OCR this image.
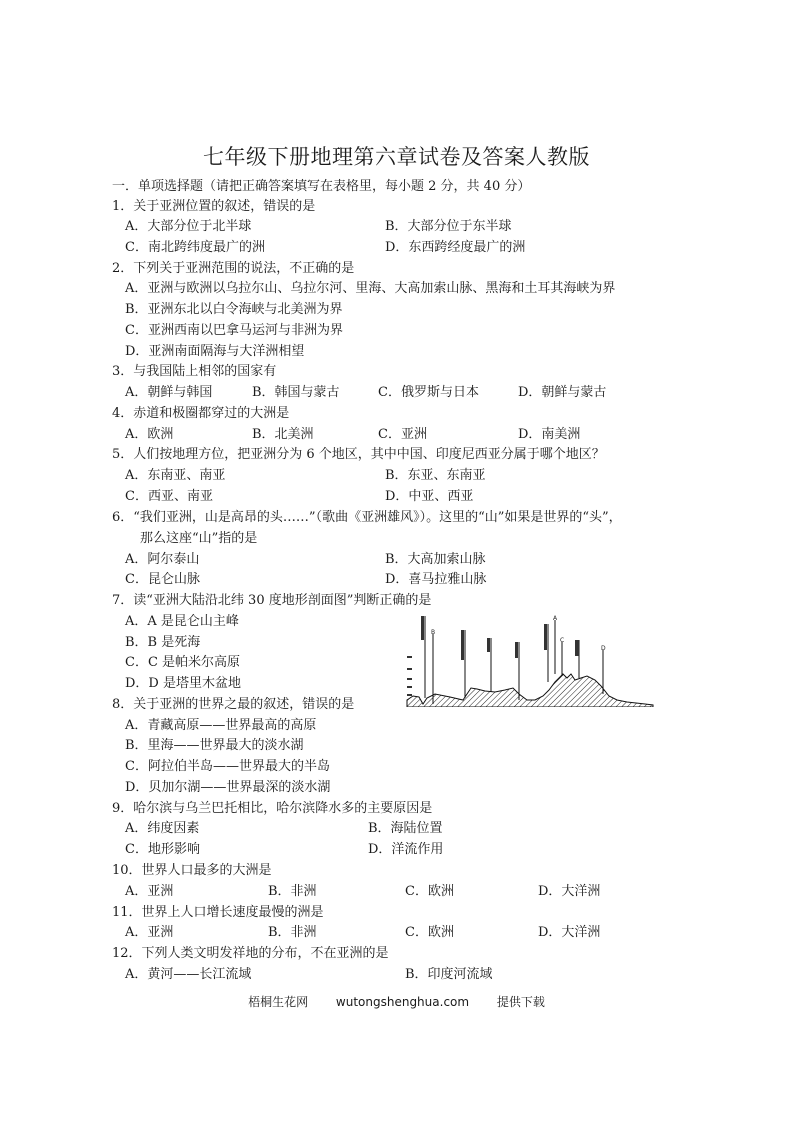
七年级下册地理第六章试卷及答案人教版
一．单项选择题（请把正确答案填写在表格里，每小题 2 分，共 40 分）
1．关于亚洲位置的叙述，错误的是
A．大部分位于北半球	B．大部分位于东半球
C．南北跨纬度最广的洲	D．东西跨经度最广的洲
2．下列关于亚洲范围的说法，不正确的是
A．亚洲与欧洲以乌拉尔山、乌拉尔河、里海、大高加索山脉、黑海和土耳其海峡为界
B．亚洲东北以白令海峡与北美洲为界
C．亚洲西南以巴拿马运河与非洲为界
D．亚洲南面隔海与大洋洲相望
3．与我国陆上相邻的国家有
A．朝鲜与韩国	B．韩国与蒙古	C．俄罗斯与日本	D．朝鲜与蒙古
4．赤道和极圈都穿过的大洲是
A．欧洲	B．北美洲	C．亚洲	D．南美洲
5．人们按地理方位，把亚洲分为 6 个地区，其中中国、印度尼西亚分属于哪个地区？
A．东南亚、南亚	B．东亚、东南亚
C．西亚、南亚	D．中亚、西亚
6．“我们亚洲，山是高昂的头……”（歌曲《亚洲雄风》）。这里的“山”如果是世界的“头”，
那么这座“山”指的是
A．阿尔泰山	B．大高加索山脉
C．昆仑山脉	D．喜马拉雅山脉
7．读“亚洲大陆沿北纬 30 度地形剖面图”判断正确的是
A．A 是昆仑山主峰
B．B 是死海
C．C 是帕米尔高原
D．D 是塔里木盆地
A
B
C
D
8．关于亚洲的世界之最的叙述，错误的是
A．青藏高原——世界最高的高原
B．里海——世界最大的淡水湖
C．阿拉伯半岛——世界最大的半岛
D．贝加尔湖——世界最深的淡水湖
9．哈尔滨与乌兰巴托相比，哈尔滨降水多的主要原因是
A．纬度因素	B．海陆位置
C．地形影响	D．洋流作用
10．世界人口最多的大洲是
A．亚洲	B．非洲	C．欧洲	D．大洋洲
11．世界上人口增长速度最慢的洲是
A．亚洲	B．非洲	C．欧洲	D．大洋洲
12．下列人类文明发祥地的分布，不在亚洲的是
A．黄河——长江流域	B．印度河流域
梧桐生花网 wutongshenghua.com 提供下载
